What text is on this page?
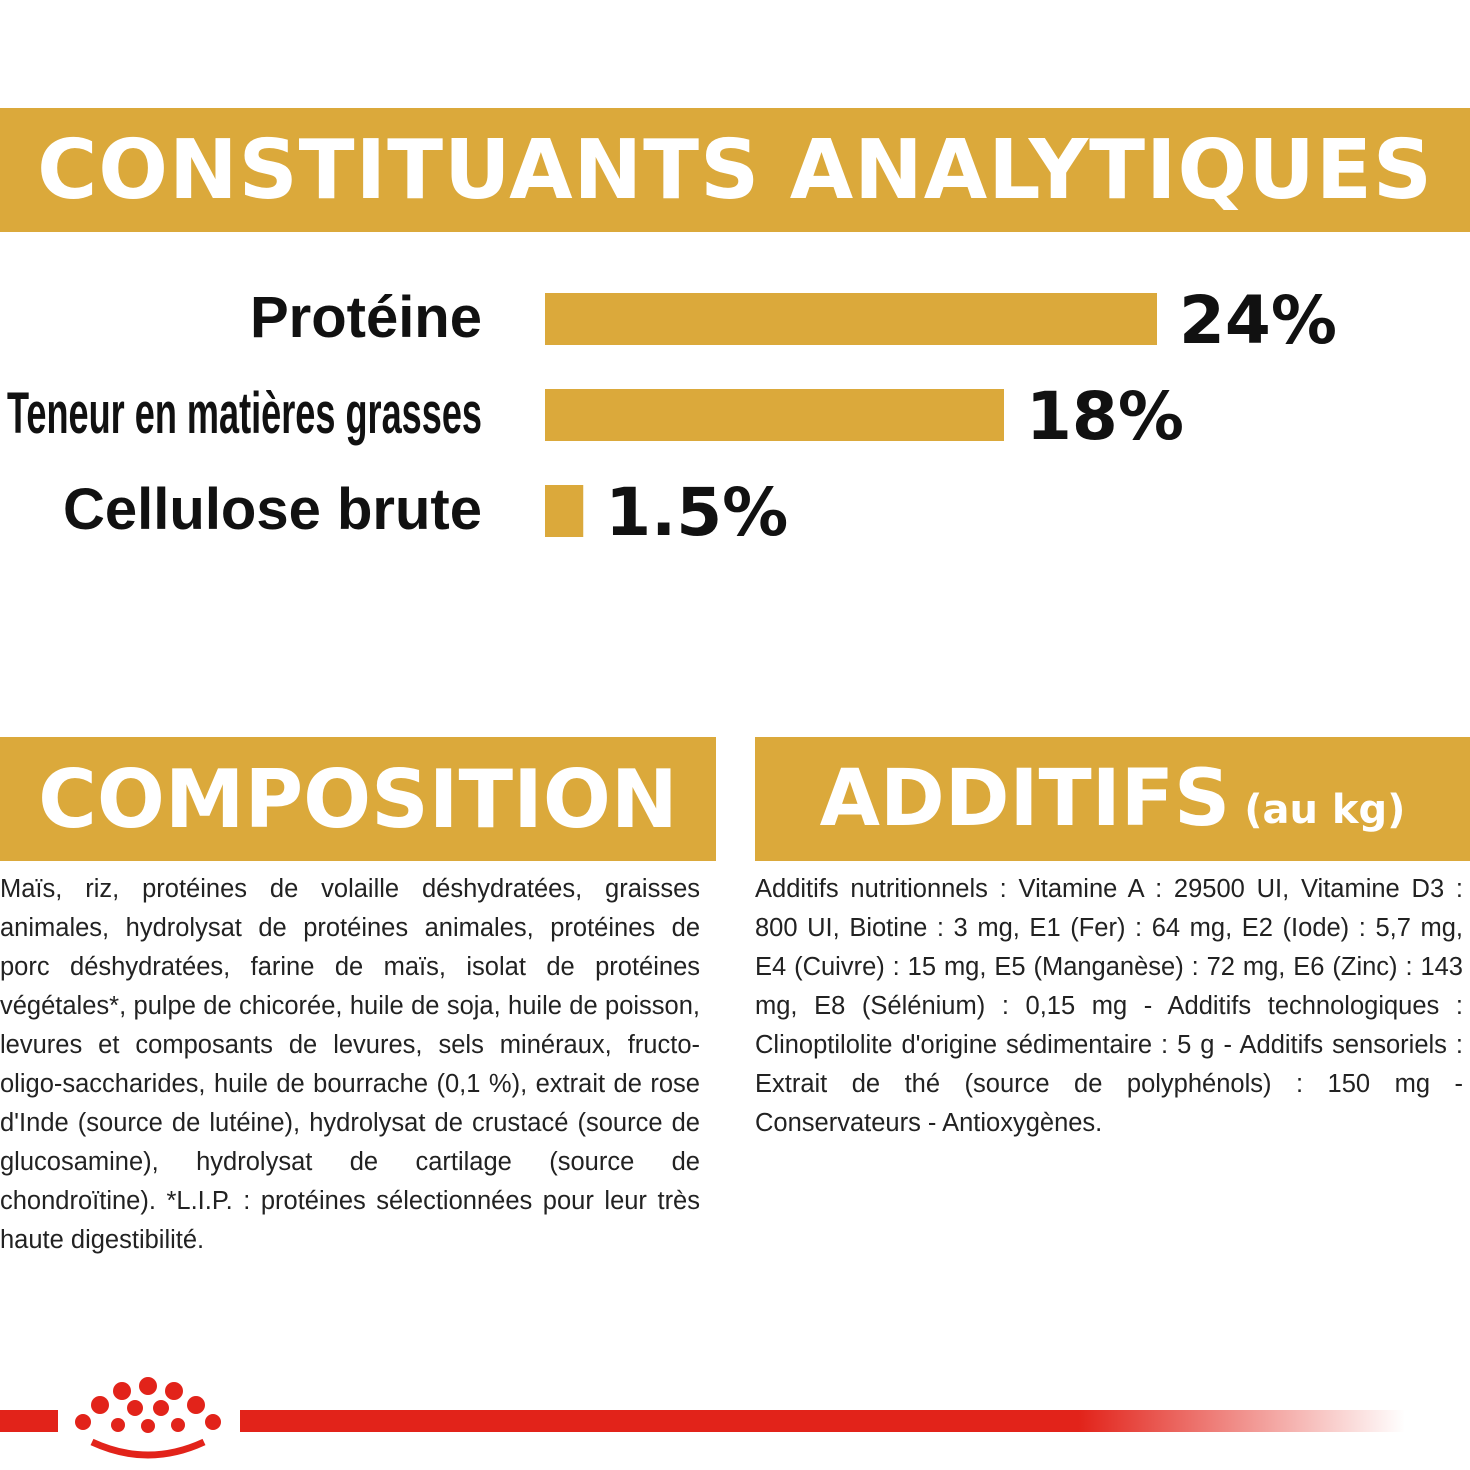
CONSTITUANTS ANALYTIQUES
Protéine	24%
Teneur en matières grasses	18%
Cellulose brute 1.5%
COMPOSITION

Maïs, riz, protéines de volaille déshydratées, graisses animales, hydrolysat de protéines animales, protéines de porc déshydratées, farine de maïs, isolat de protéines végétales*, pulpe de chicorée, huile de soja, huile de poisson, levures et composants de levures, sels minéraux, fructo-oligo-saccharides, huile de bourrache (0,1 %), extrait de rose d'Inde (source de lutéine), hydrolysat de crustacé (source de glucosamine), hydrolysat de cartilage (source de chondroïtine). *L.I.P. : protéines sélectionnées pour leur très haute digestibilité.

ADDITIFS (au kg)

Additifs nutritionnels : Vitamine A : 29500 UI, Vitamine D3 : 800 UI, Biotine : 3 mg, E1 (Fer) : 64 mg, E2 (Iode) : 5,7 mg, E4 (Cuivre) : 15 mg, E5 (Manganèse) : 72 mg, E6 (Zinc) : 143 mg, E8 (Sélénium) : 0,15 mg - Additifs technologiques : Clinoptilolite d'origine sédimentaire : 5 g - Additifs sensoriels : Extrait de thé (source de polyphénols) : 150 mg - Conservateurs - Antioxygènes.
